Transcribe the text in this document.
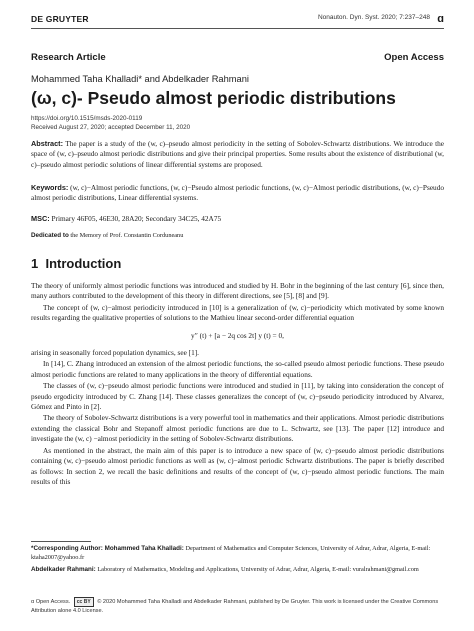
DE GRUYTER	Nonauton. Dyn. Syst. 2020; 7:237–248 ɑ
Research Article	Open Access
Mohammed Taha Khalladi* and Abdelkader Rahmani
(ω, c)- Pseudo almost periodic distributions
https://doi.org/10.1515/msds-2020-0119
Received August 27, 2020; accepted December 11, 2020
Abstract: The paper is a study of the (w, c)–pseudo almost periodicity in the setting of Sobolev-Schwartz distributions. We introduce the space of (w, c)–pseudo almost periodic distributions and give their principal properties. Some results about the existence of distributional (w, c)–pseudo almost periodic solutions of linear differential systems are proposed.
Keywords: (w, c)−Almost periodic functions, (w, c)−Pseudo almost periodic functions, (w, c)−Almost periodic distributions, (w, c)−Pseudo almost periodic distributions, Linear differential systems.
MSC: Primary 46F05, 46E30, 28A20; Secondary 34C25, 42A75
Dedicated to the Memory of Prof. Constantin Corduneanu
1 Introduction

The theory of uniformly almost periodic functions was introduced and studied by H. Bohr in the beginning of the last century [6], since then, many authors contributed to the development of this theory in different directions, see [5], [8] and [9].

The concept of (w, c)−almost periodicity introduced in [10] is a generalization of (w, c)−periodicity which motivated by some known results regarding the qualitative properties of solutions to the Mathieu linear second-order differential equation

y′′ (t) + [a − 2q cos 2t] y (t) = 0,

arising in seasonally forced population dynamics, see [1].

In [14], C. Zhang introduced an extension of the almost periodic functions, the so-called pseudo almost periodic functions. These pseudo almost periodic functions are related to many applications in the theory of differential equations.

The classes of (w, c)−pseudo almost periodic functions were introduced and studied in [11], by taking into consideration the concept of pseudo ergodicity introduced by C. Zhang [14]. These classes generalizes the concept of (w, c)−pseudo periodicity introduced by Alvarez, Gómez and Pinto in [2].

The theory of Sobolev-Schwartz distributions is a very powerful tool in mathematics and their applications. Almost periodic distributions extending the classical Bohr and Stepanoff almost periodic functions are due to L. Schwartz, see [13]. The paper [12] introduce and investigate the (w, c) −almost periodicity in the setting of Sobolev-Schwartz distributions.

As mentioned in the abstract, the main aim of this paper is to introduce a new space of (w, c)−pseudo almost periodic distributions containing (w, c)−pseudo almost periodic functions as well as (w, c)−almost periodic Schwartz distributions. The paper is briefly described as follows: In section 2, we recall the basic definitions and results of the concept of (w, c)−pseudo almost periodic functions. The main results of this

*Corresponding Author: Mohammed Taha Khalladi: Department of Mathematics and Computer Sciences, University of Adrar, Adrar, Algeria, E-mail: ktaha2007@yahoo.fr
Abdelkader Rahmani: Laboratory of Mathematics, Modeling and Applications, University of Adrar, Adrar, Algeria, E-mail: vuralrahmani@gmail.com
ɑ Open Access. cc BY © 2020 Mohammed Taha Khalladi and Abdelkader Rahmani, published by De Gruyter. This work is licensed under the Creative Commons Attribution alone 4.0 License.
